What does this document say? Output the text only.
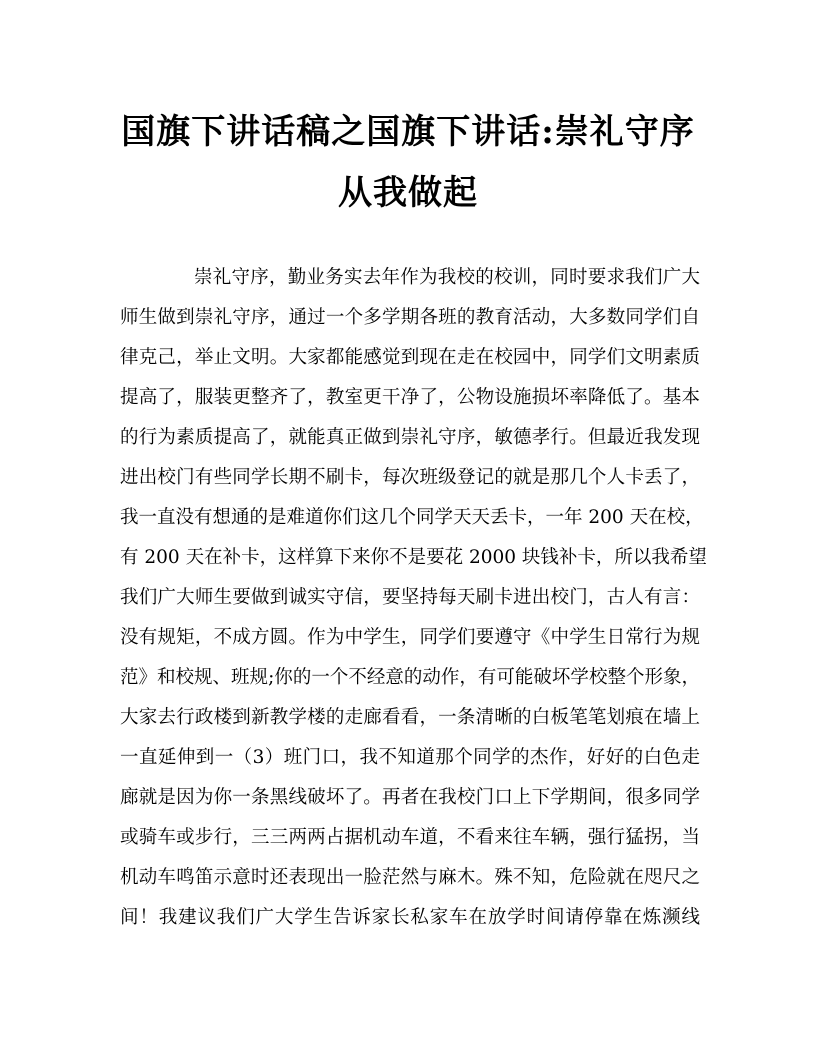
国旗下讲话稿之国旗下讲话:崇礼守序
从我做起
崇礼守序，勤业务实去年作为我校的校训，同时要求我们广大
师生做到崇礼守序，通过一个多学期各班的教育活动，大多数同学们自
律克己，举止文明。大家都能感觉到现在走在校园中，同学们文明素质
提高了，服装更整齐了，教室更干净了，公物设施损坏率降低了。基本
的行为素质提高了，就能真正做到崇礼守序，敏德孝行。但最近我发现
进出校门有些同学长期不刷卡，每次班级登记的就是那几个人卡丢了，
我一直没有想通的是难道你们这几个同学天天丢卡，一年 200 天在校，
有 200 天在补卡，这样算下来你不是要花 2000 块钱补卡，所以我希望
我们广大师生要做到诚实守信，要坚持每天刷卡进出校门，古人有言：
没有规矩，不成方圆。作为中学生，同学们要遵守《中学生日常行为规
范》和校规、班规;你的一个不经意的动作，有可能破坏学校整个形象，
大家去行政楼到新教学楼的走廊看看，一条清晰的白板笔笔划痕在墙上
一直延伸到一（3）班门口，我不知道那个同学的杰作，好好的白色走
廊就是因为你一条黑线破坏了。再者在我校门口上下学期间，很多同学
或骑车或步行，三三两两占据机动车道，不看来往车辆，强行猛拐，当
机动车鸣笛示意时还表现出一脸茫然与麻木。殊不知，危险就在咫尺之
间！我建议我们广大学生告诉家长私家车在放学时间请停靠在炼濒线
